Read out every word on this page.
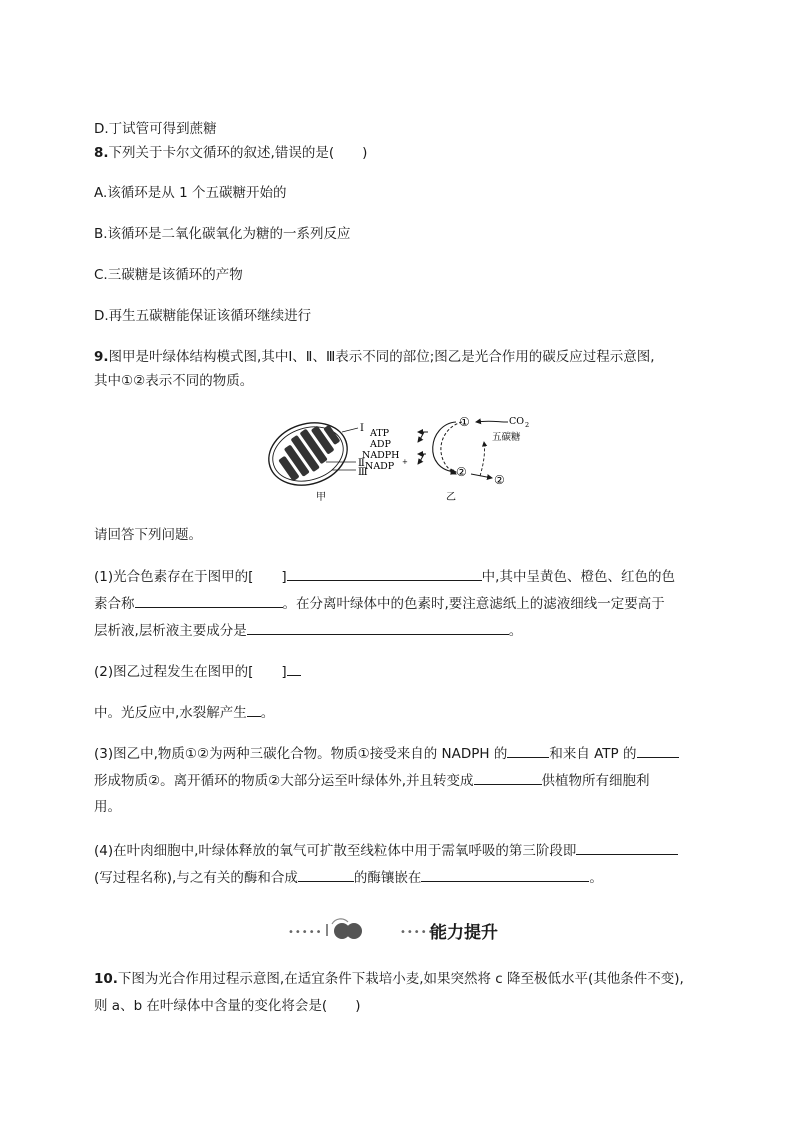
D.丁试管可得到蔗糖
8.下列关于卡尔文循环的叙述,错误的是( )
A.该循环是从 1 个五碳糖开始的
B.该循环是二氧化碳氧化为糖的一系列反应
C.三碳糖是该循环的产物
D.再生五碳糖能保证该循环继续进行
9.图甲是叶绿体结构模式图,其中Ⅰ、Ⅱ、Ⅲ表示不同的部位;图乙是光合作用的碳反应过程示意图,
其中①②表示不同的物质。
Ⅰ
Ⅱ
Ⅲ
甲
ATP
ADP
NADPH
NADP +
CO 2
①
五碳糖
②
②
乙
请回答下列问题。
(1)光合色素存在于图甲的[ ]	中,其中呈黄色、橙色、红色的色
素合称	。在分离叶绿体中的色素时,要注意滤纸上的滤液细线一定要高于
层析液,层析液主要成分是	。
(2)图乙过程发生在图甲的[ ]
中。光反应中,水裂解产生 。
(3)图乙中,物质①②为两种三碳化合物。物质①接受来自的 NADPH 的	和来自 ATP 的
形成物质②。离开循环的物质②大部分运至叶绿体外,并且转变成	供植物所有细胞利
用。
(4)在叶肉细胞中,叶绿体释放的氧气可扩散至线粒体中用于需氧呼吸的第三阶段即
(写过程名称),与之有关的酶和合成	的酶镶嵌在	。
•••••	•••••
能力提升
10.下图为光合作用过程示意图,在适宜条件下栽培小麦,如果突然将 c 降至极低水平(其他条件不变),
则 a、b 在叶绿体中含量的变化将会是( )
